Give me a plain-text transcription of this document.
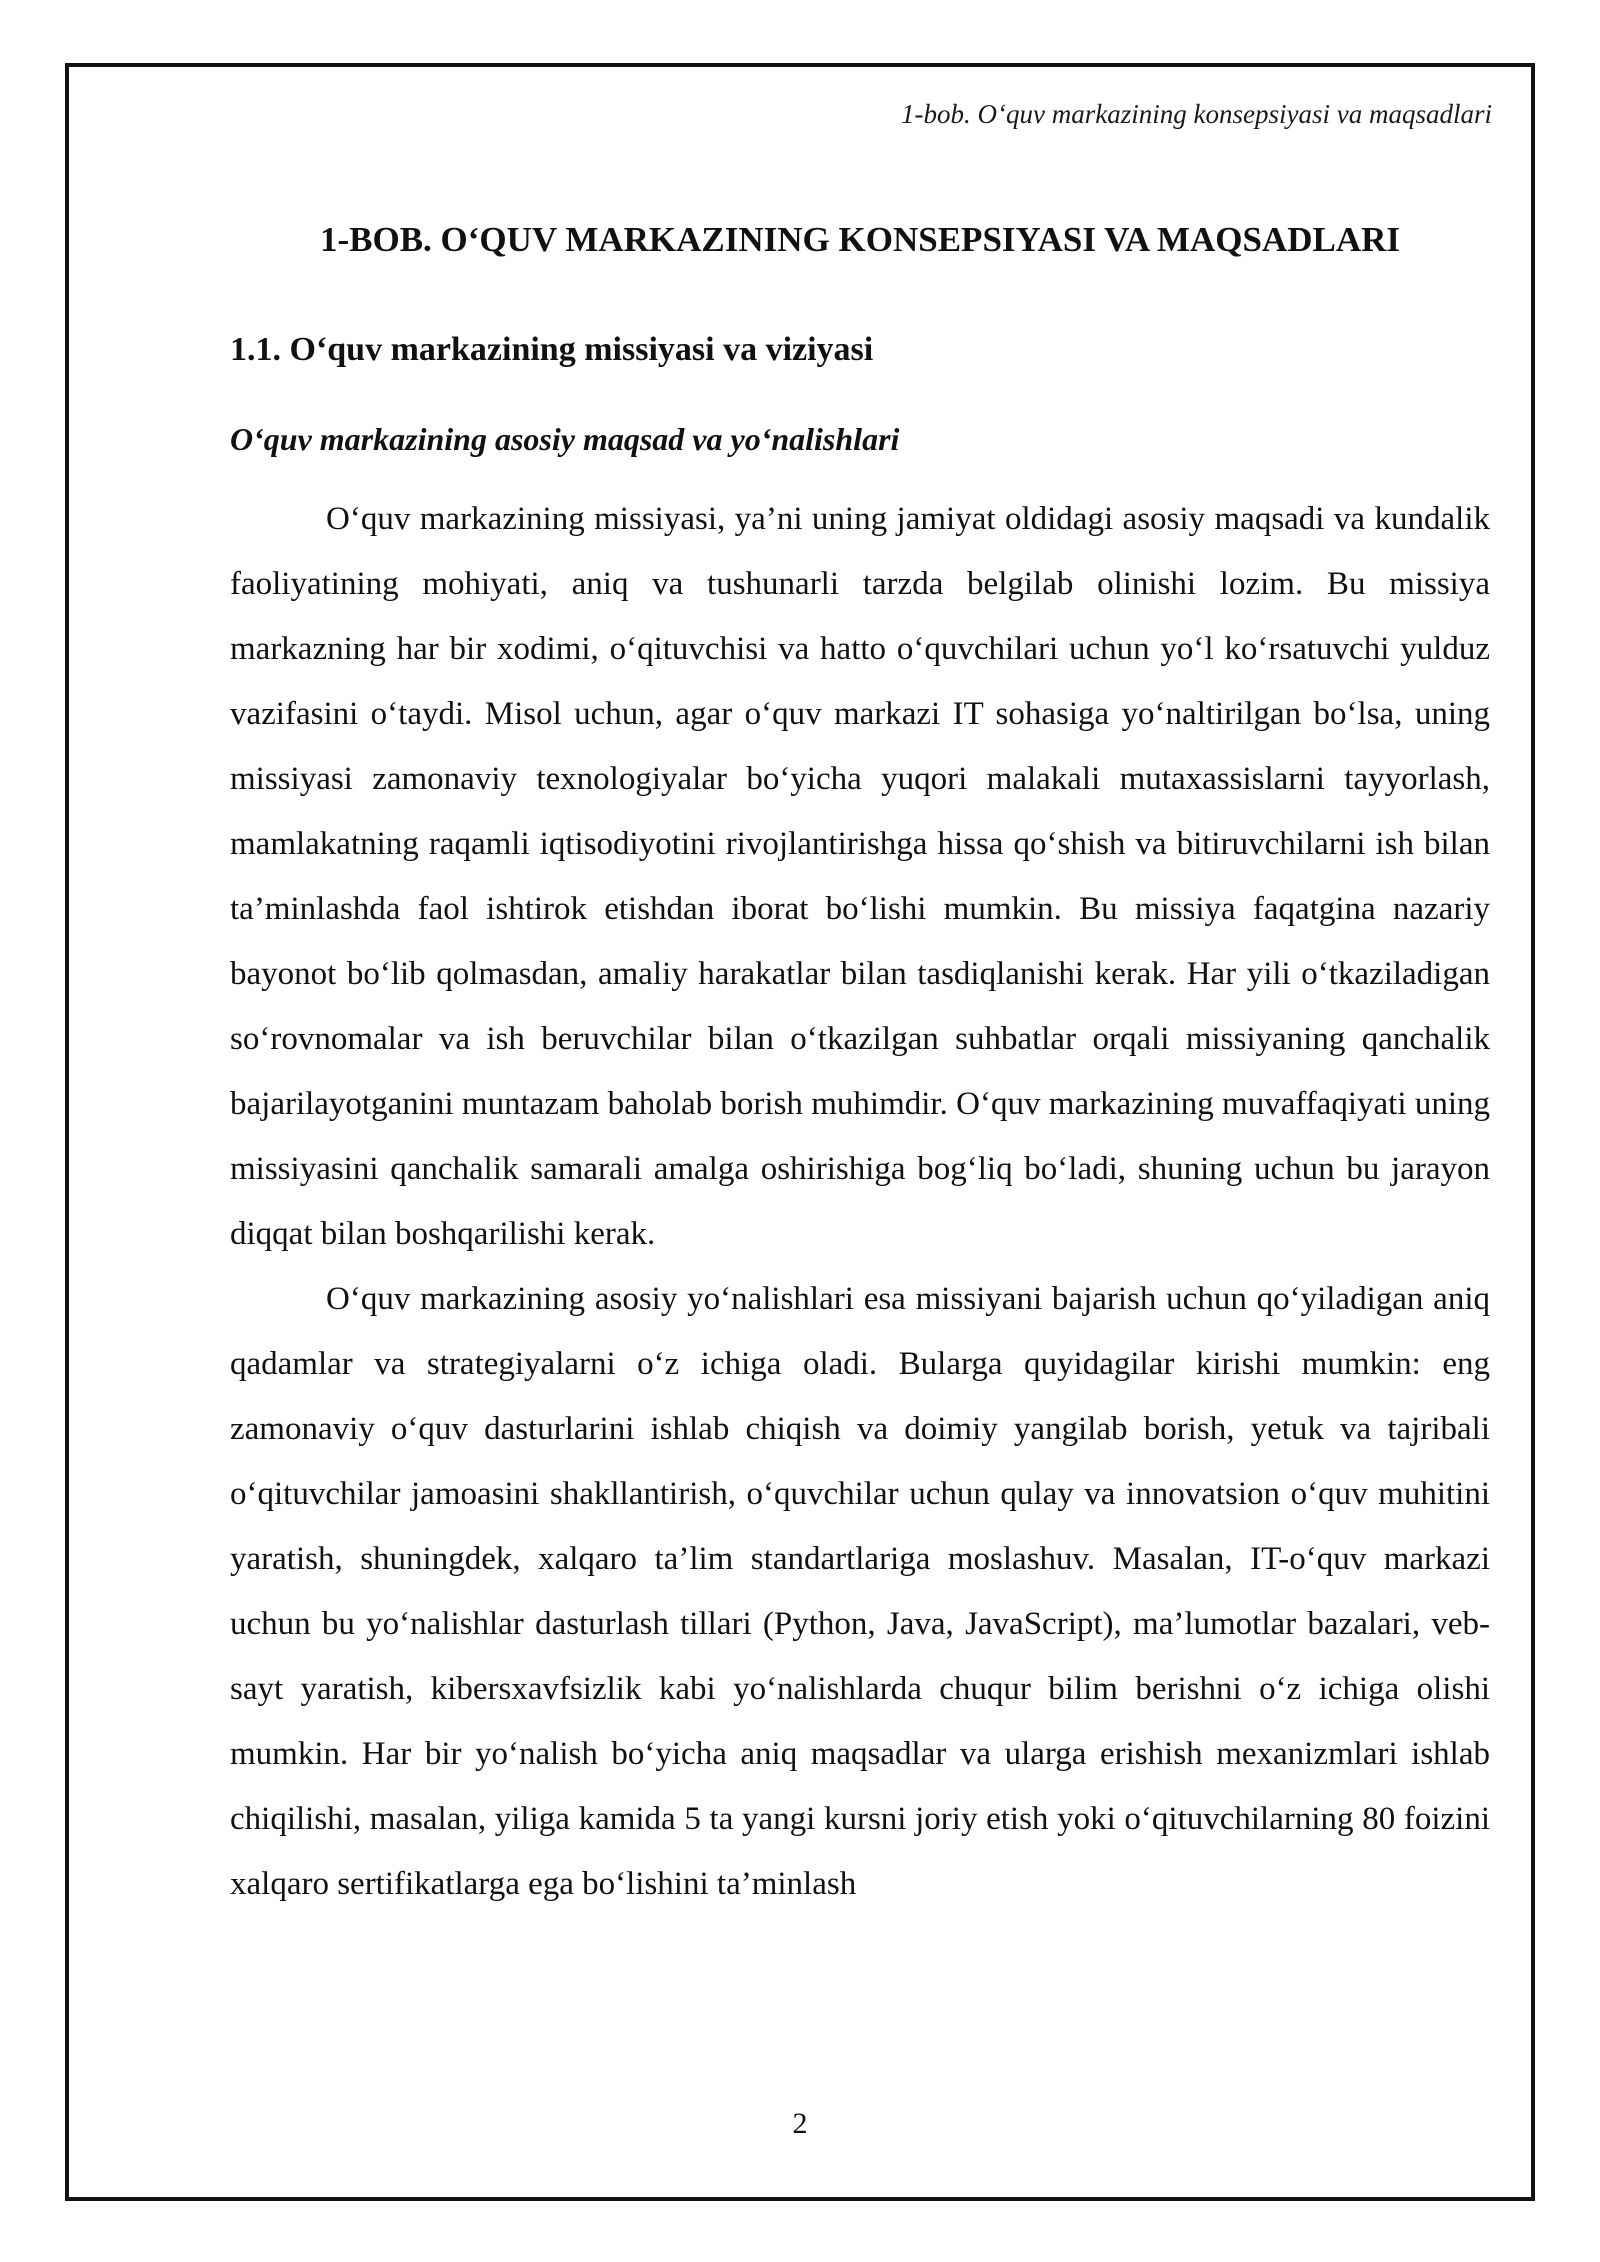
1-bob. O‘quv markazining konsepsiyasi va maqsadlari
1-BOB. O‘QUV MARKAZINING KONSEPSIYASI VA MAQSADLARI
1.1. O‘quv markazining missiyasi va viziyasi
O‘quv markazining asosiy maqsad va yo‘nalishlari

O‘quv markazining missiyasi, ya’ni uning jamiyat oldidagi asosiy maqsadi va kundalik faoliyatining mohiyati, aniq va tushunarli tarzda belgilab olinishi lozim. Bu missiya markazning har bir xodimi, o‘qituvchisi va hatto o‘quvchilari uchun yo‘l ko‘rsatuvchi yulduz vazifasini o‘taydi. Misol uchun, agar o‘quv markazi IT sohasiga yo‘naltirilgan bo‘lsa, uning missiyasi zamonaviy texnologiyalar bo‘yicha yuqori malakali mutaxassislarni tayyorlash, mamlakatning raqamli iqtisodiyotini rivojlantirishga hissa qo‘shish va bitiruvchilarni ish bilan ta’minlashda faol ishtirok etishdan iborat bo‘lishi mumkin. Bu missiya faqatgina nazariy bayonot bo‘lib qolmasdan, amaliy harakatlar bilan tasdiqlanishi kerak. Har yili o‘tkaziladigan so‘rovnomalar va ish beruvchilar bilan o‘tkazilgan suhbatlar orqali missiyaning qanchalik bajarilayotganini muntazam baholab borish muhimdir. O‘quv markazining muvaffaqiyati uning missiyasini qanchalik samarali amalga oshirishiga bog‘liq bo‘ladi, shuning uchun bu jarayon diqqat bilan boshqarilishi kerak.

O‘quv markazining asosiy yo‘nalishlari esa missiyani bajarish uchun qo‘yiladigan aniq qadamlar va strategiyalarni o‘z ichiga oladi. Bularga quyidagilar kirishi mumkin: eng zamonaviy o‘quv dasturlarini ishlab chiqish va doimiy yangilab borish, yetuk va tajribali o‘qituvchilar jamoasini shakllantirish, o‘quvchilar uchun qulay va innovatsion o‘quv muhitini yaratish, shuningdek, xalqaro ta’lim standartlariga moslashuv. Masalan, IT-o‘quv markazi uchun bu yo‘nalishlar dasturlash tillari (Python, Java, JavaScript), ma’lumotlar bazalari, veb-sayt yaratish, kibersxavfsizlik kabi yo‘nalishlarda chuqur bilim berishni o‘z ichiga olishi mumkin. Har bir yo‘nalish bo‘yicha aniq maqsadlar va ularga erishish mexanizmlari ishlab chiqilishi, masalan, yiliga kamida 5 ta yangi kursni joriy etish yoki o‘qituvchilarning 80 foizini xalqaro sertifikatlarga ega bo‘lishini ta’minlash

2
